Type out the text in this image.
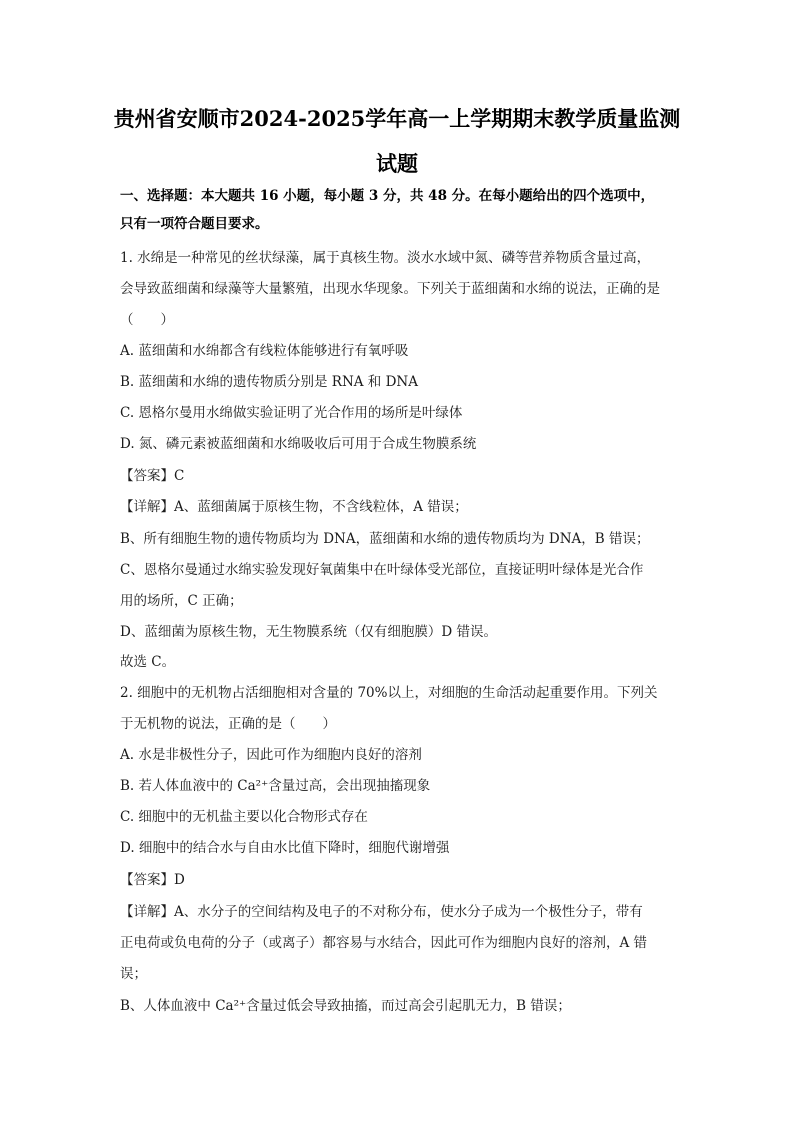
贵州省安顺市2024-2025学年高一上学期期末教学质量监测
试题
一、选择题：本大题共 16 小题，每小题 3 分，共 48 分。在每小题给出的四个选项中，
只有一项符合题目要求。
1. 水绵是一种常见的丝状绿藻，属于真核生物。淡水水域中氮、磷等营养物质含量过高，
会导致蓝细菌和绿藻等大量繁殖，出现水华现象。下列关于蓝细菌和水绵的说法，正确的是
（　　）
A. 蓝细菌和水绵都含有线粒体能够进行有氧呼吸
B. 蓝细菌和水绵的遗传物质分别是 RNA 和 DNA
C. 恩格尔曼用水绵做实验证明了光合作用的场所是叶绿体
D. 氮、磷元素被蓝细菌和水绵吸收后可用于合成生物膜系统
【答案】C
【详解】A、蓝细菌属于原核生物，不含线粒体，A 错误；
B、所有细胞生物的遗传物质均为 DNA，蓝细菌和水绵的遗传物质均为 DNA，B 错误；
C、恩格尔曼通过水绵实验发现好氧菌集中在叶绿体受光部位，直接证明叶绿体是光合作
用的场所，C 正确；
D、蓝细菌为原核生物，无生物膜系统（仅有细胞膜）D 错误。
故选 C。
2. 细胞中的无机物占活细胞相对含量的 70%以上，对细胞的生命活动起重要作用。下列关
于无机物的说法，正确的是（　　）
A. 水是非极性分子，因此可作为细胞内良好的溶剂
B. 若人体血液中的 Ca²⁺含量过高，会出现抽搐现象
C. 细胞中的无机盐主要以化合物形式存在
D. 细胞中的结合水与自由水比值下降时，细胞代谢增强
【答案】D
【详解】A、水分子的空间结构及电子的不对称分布，使水分子成为一个极性分子，带有
正电荷或负电荷的分子（或离子）都容易与水结合，因此可作为细胞内良好的溶剂，A 错
误；
B、人体血液中 Ca²⁺含量过低会导致抽搐，而过高会引起肌无力，B 错误；
